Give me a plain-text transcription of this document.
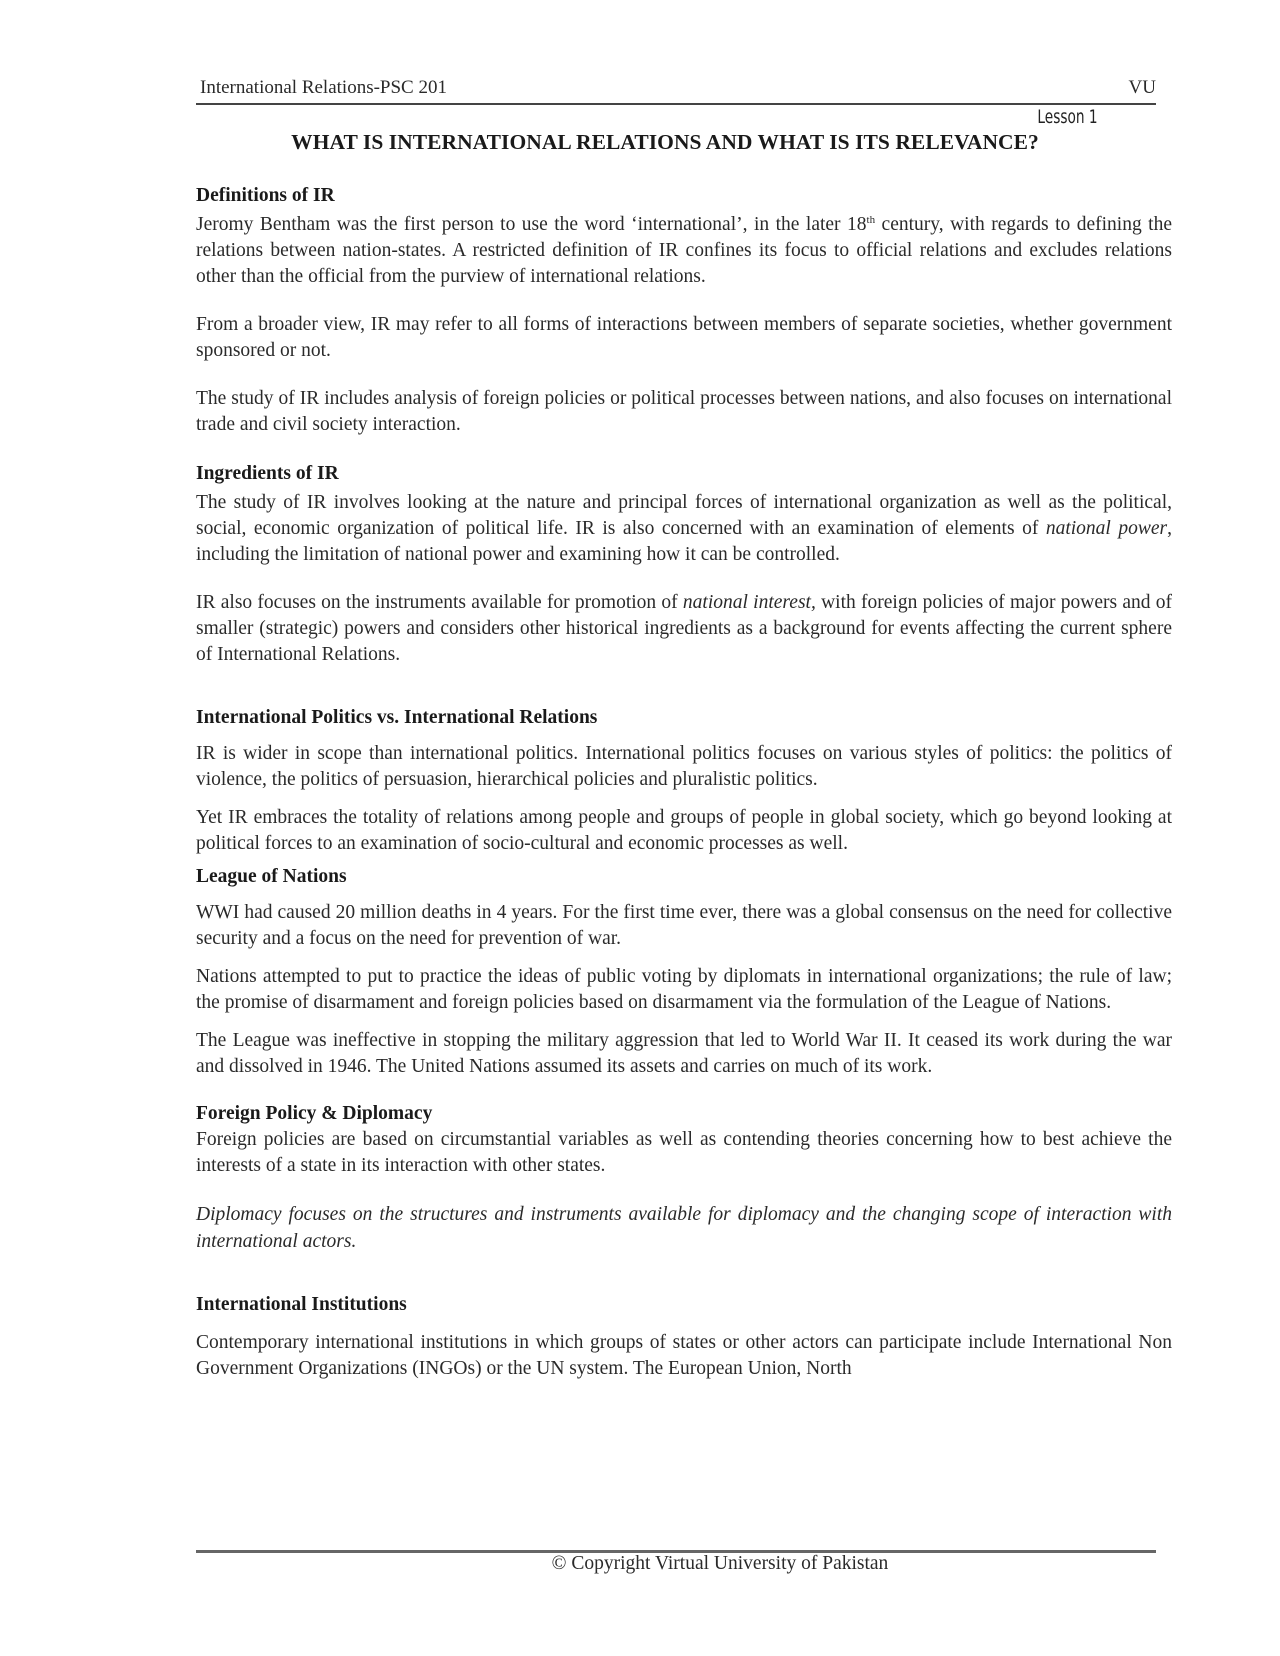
International Relations-PSC 201	VU
Lesson 1
WHAT IS INTERNATIONAL RELATIONS AND WHAT IS ITS RELEVANCE?
Definitions of IR

Jeromy Bentham was the first person to use the word ‘international’, in the later 18th century, with regards to defining the relations between nation-states. A restricted definition of IR confines its focus to official relations and excludes relations other than the official from the purview of international relations.

From a broader view, IR may refer to all forms of interactions between members of separate societies, whether government sponsored or not.

The study of IR includes analysis of foreign policies or political processes between nations, and also focuses on international trade and civil society interaction.

Ingredients of IR

The study of IR involves looking at the nature and principal forces of international organization as well as the political, social, economic organization of political life. IR is also concerned with an examination of elements of national power, including the limitation of national power and examining how it can be controlled.

IR also focuses on the instruments available for promotion of national interest, with foreign policies of major powers and of smaller (strategic) powers and considers other historical ingredients as a background for events affecting the current sphere of International Relations.

International Politics vs. International Relations

IR is wider in scope than international politics. International politics focuses on various styles of politics: the politics of violence, the politics of persuasion, hierarchical policies and pluralistic politics.

Yet IR embraces the totality of relations among people and groups of people in global society, which go beyond looking at political forces to an examination of socio-cultural and economic processes as well.

League of Nations

WWI had caused 20 million deaths in 4 years. For the first time ever, there was a global consensus on the need for collective security and a focus on the need for prevention of war.

Nations attempted to put to practice the ideas of public voting by diplomats in international organizations; the rule of law; the promise of disarmament and foreign policies based on disarmament via the formulation of the League of Nations.

The League was ineffective in stopping the military aggression that led to World War II. It ceased its work during the war and dissolved in 1946. The United Nations assumed its assets and carries on much of its work.

Foreign Policy & Diplomacy

Foreign policies are based on circumstantial variables as well as contending theories concerning how to best achieve the interests of a state in its interaction with other states.

Diplomacy focuses on the structures and instruments available for diplomacy and the changing scope of interaction with international actors.

International Institutions

Contemporary international institutions in which groups of states or other actors can participate include International Non Government Organizations (INGOs) or the UN system. The European Union, North

© Copyright Virtual University of Pakistan
